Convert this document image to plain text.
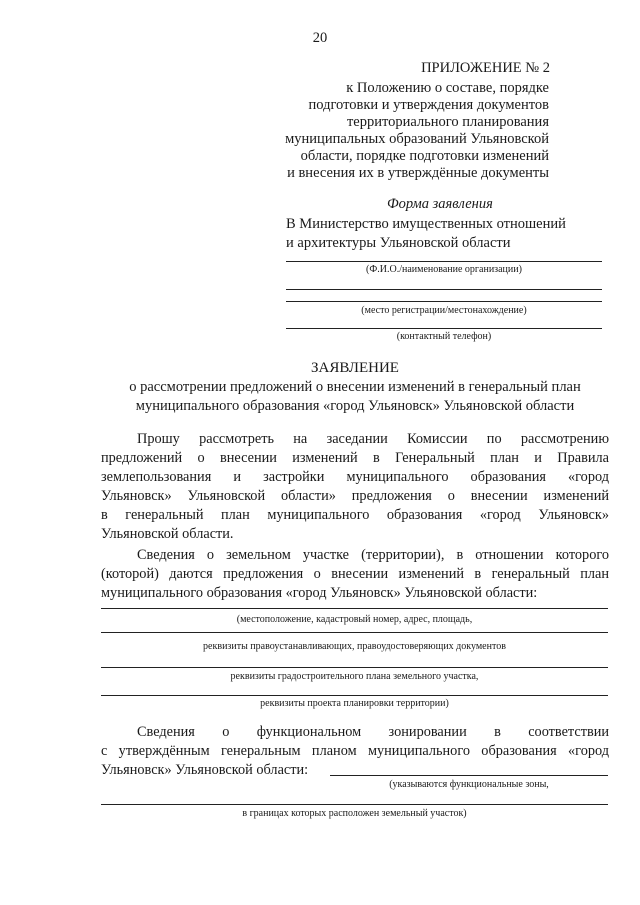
20
ПРИЛОЖЕНИЕ № 2
к Положению о составе, порядке
подготовки и утверждения документов
территориального планирования
муниципальных образований Ульяновской
области, порядке подготовки изменений
и внесения их в утверждённые документы
Форма заявления
В Министерство имущественных отношений
и архитектуры Ульяновской области
(Ф.И.О./наименование организации)
(место регистрации/местонахождение)
(контактный телефон)
ЗАЯВЛЕНИЕ
о рассмотрении предложений о внесении изменений в генеральный план
муниципального образования «город Ульяновск» Ульяновской области
Прошу рассмотреть на заседании Комиссии по рассмотрению
предложений о внесении изменений в Генеральный план и Правила
землепользования и застройки муниципального образования «город
Ульяновск» Ульяновской области» предложения о внесении изменений
в генеральный план муниципального образования «город Ульяновск»
Ульяновской области.
Сведения о земельном участке (территории), в отношении которого
(которой) даются предложения о внесении изменений в генеральный план
муниципального образования «город Ульяновск» Ульяновской области:
(местоположение, кадастровый номер, адрес, площадь,
реквизиты правоустанавливающих, правоудостоверяющих документов
реквизиты градостроительного плана земельного участка,
реквизиты проекта планировки территории)
Сведения о функциональном зонировании в соответствии
с утверждённым генеральным планом муниципального образования «город
Ульяновск» Ульяновской области:
(указываются функциональные зоны,
в границах которых расположен земельный участок)
